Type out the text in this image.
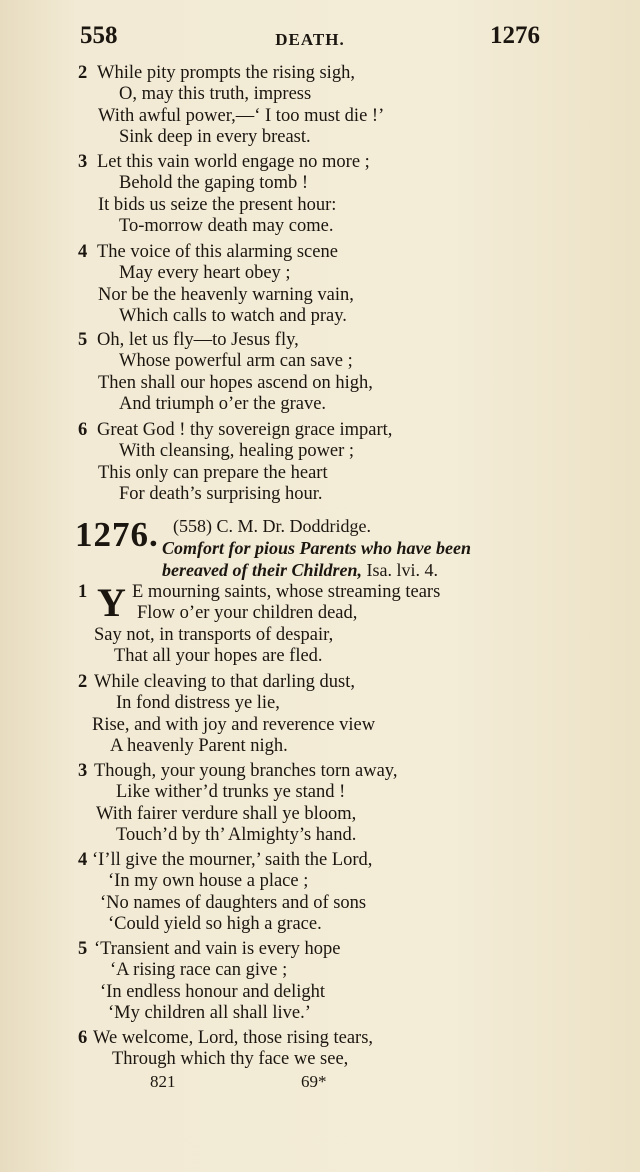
558	DEATH.	1276
2 While pity prompts the rising sigh,
O, may this truth, impress
With awful power,—‘ I too must die !’
Sink deep in every breast.
3 Let this vain world engage no more ;
Behold the gaping tomb !
It bids us seize the present hour:
To-morrow death may come.
4 The voice of this alarming scene
May every heart obey ;
Nor be the heavenly warning vain,
Which calls to watch and pray.
5 Oh, let us fly—to Jesus fly,
Whose powerful arm can save ;
Then shall our hopes ascend on high,
And triumph o’er the grave.
6 Great God ! thy sovereign grace impart,
With cleansing, healing power ;
This only can prepare the heart
For death’s surprising hour.
1276. (558) C. M. Dr. Doddridge.
Comfort for pious Parents who have been
bereaved of their Children, Isa. lvi. 4.
1 Y E mourning saints, whose streaming tears
Flow o’er your children dead,
Say not, in transports of despair,
That all your hopes are fled.
2 While cleaving to that darling dust,
In fond distress ye lie,
Rise, and with joy and reverence view
A heavenly Parent nigh.
3 Though, your young branches torn away,
Like wither’d trunks ye stand !
With fairer verdure shall ye bloom,
Touch’d by th’ Almighty’s hand.
4 ‘I’ll give the mourner,’ saith the Lord,
‘In my own house a place ;
‘No names of daughters and of sons
‘Could yield so high a grace.
5 ‘Transient and vain is every hope
‘A rising race can give ;
‘In endless honour and delight
‘My children all shall live.’
6 We welcome, Lord, those rising tears,
Through which thy face we see,
821	69*
